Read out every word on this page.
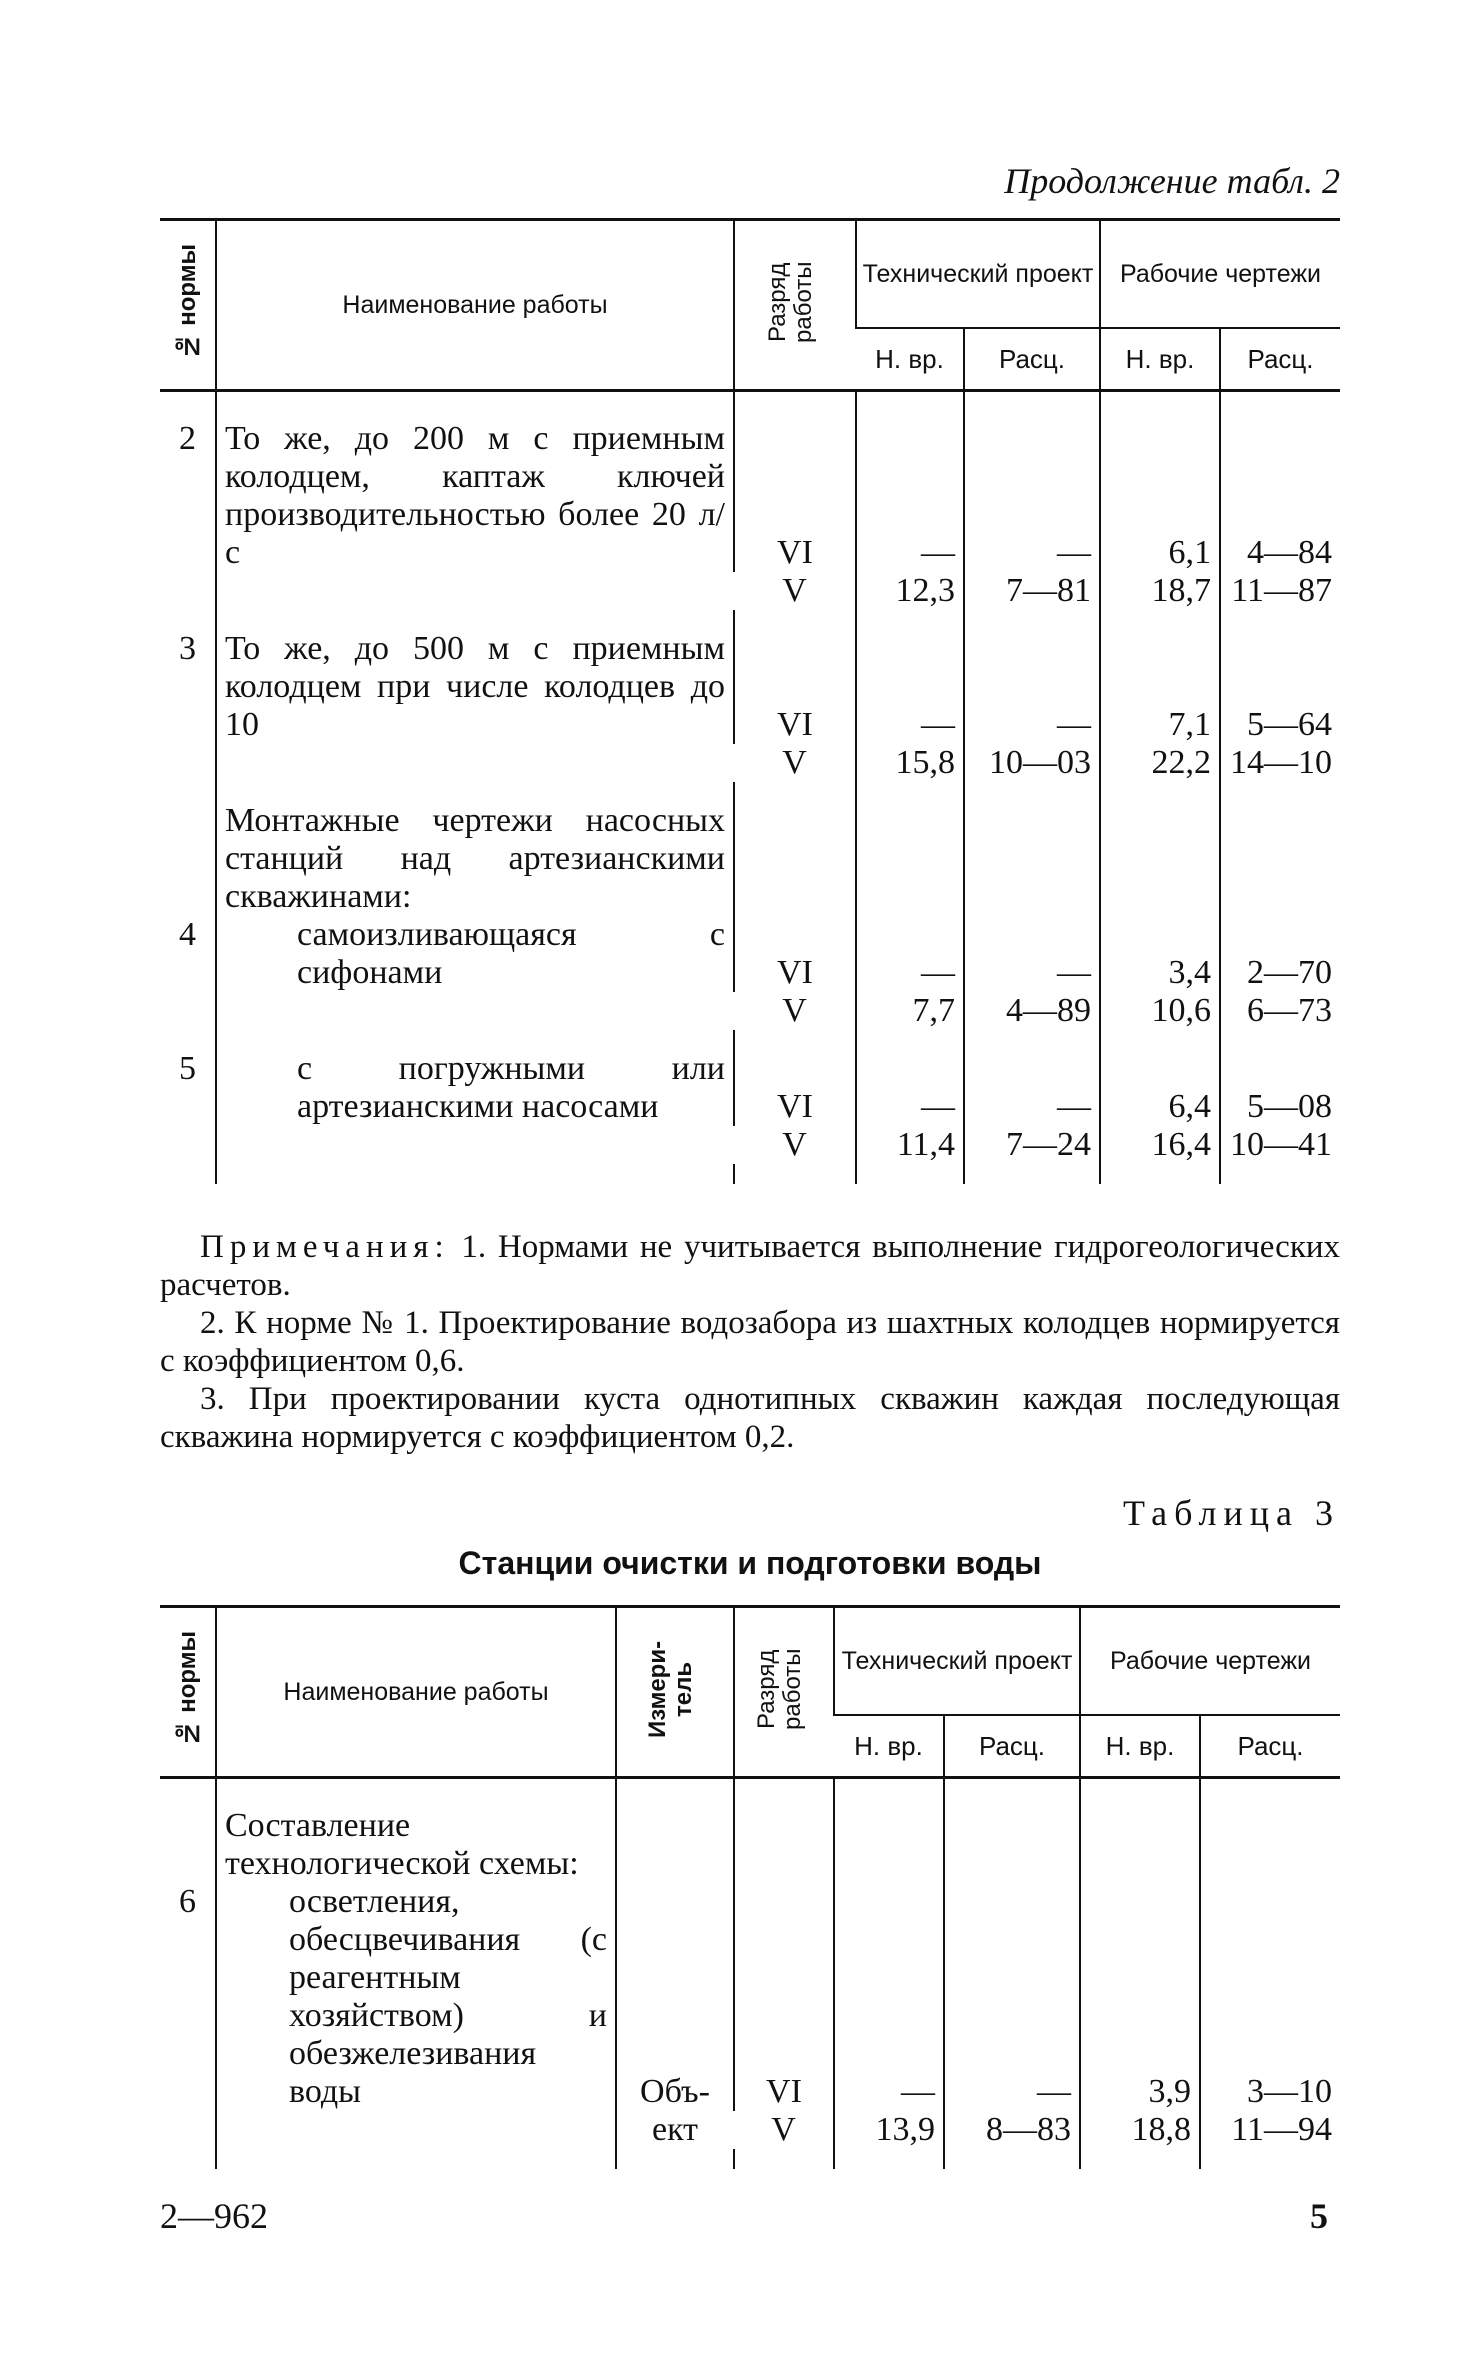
Продолжение табл. 2
№ нормы	Наименование работы	Разряд работы	Технический проект		Рабочие чертежи	
			Н. вр.	Расц.	Н. вр.	Расц.

2	То же, до 200 м с приемным колодцем, каптаж ключей производительностью более 20 л/с	VI	—	—	6,1	4—84
		V	12,3	7—81	18,7	11—87

3	То же, до 500 м с приемным колодцем при числе колодцев до 10	VI	—	—	7,1	5—64
		V	15,8	10—03	22,2	14—10

	Монтажные чертежи насосных станций над артезианскими скважинами:					
4	самоизливающаяся с сифонами	VI	—	—	3,4	2—70
		V	7,7	4—89	10,6	6—73

5	с погружными или артезианскими насосами	VI	—	—	6,4	5—08
		V	11,4	7—24	16,4	10—41

Примечания: 1. Нормами не учитывается выполнение гидрогеологических расчетов.

2. К норме № 1. Проектирование водозабора из шахтных колодцев нормируется с коэффициентом 0,6.

3. При проектировании куста однотипных скважин каждая последующая скважина нормируется с коэффициентом 0,2.

Таблица 3
Станции очистки и подготовки воды
№ нормы	Наименование работы	Измери- тель	Разряд работы	Технический проект		Рабочие чертежи	
				Н. вр.	Расц.	Н. вр.	Расц.

	Составление технологической схемы:						
6	осветления, обесцвечивания (с реагентным хозяйством) и обезжелезивания воды	Объ- ект	VI	—	—	3,9	3—10
			V	13,9	8—83	18,8	11—94

2—962	5
